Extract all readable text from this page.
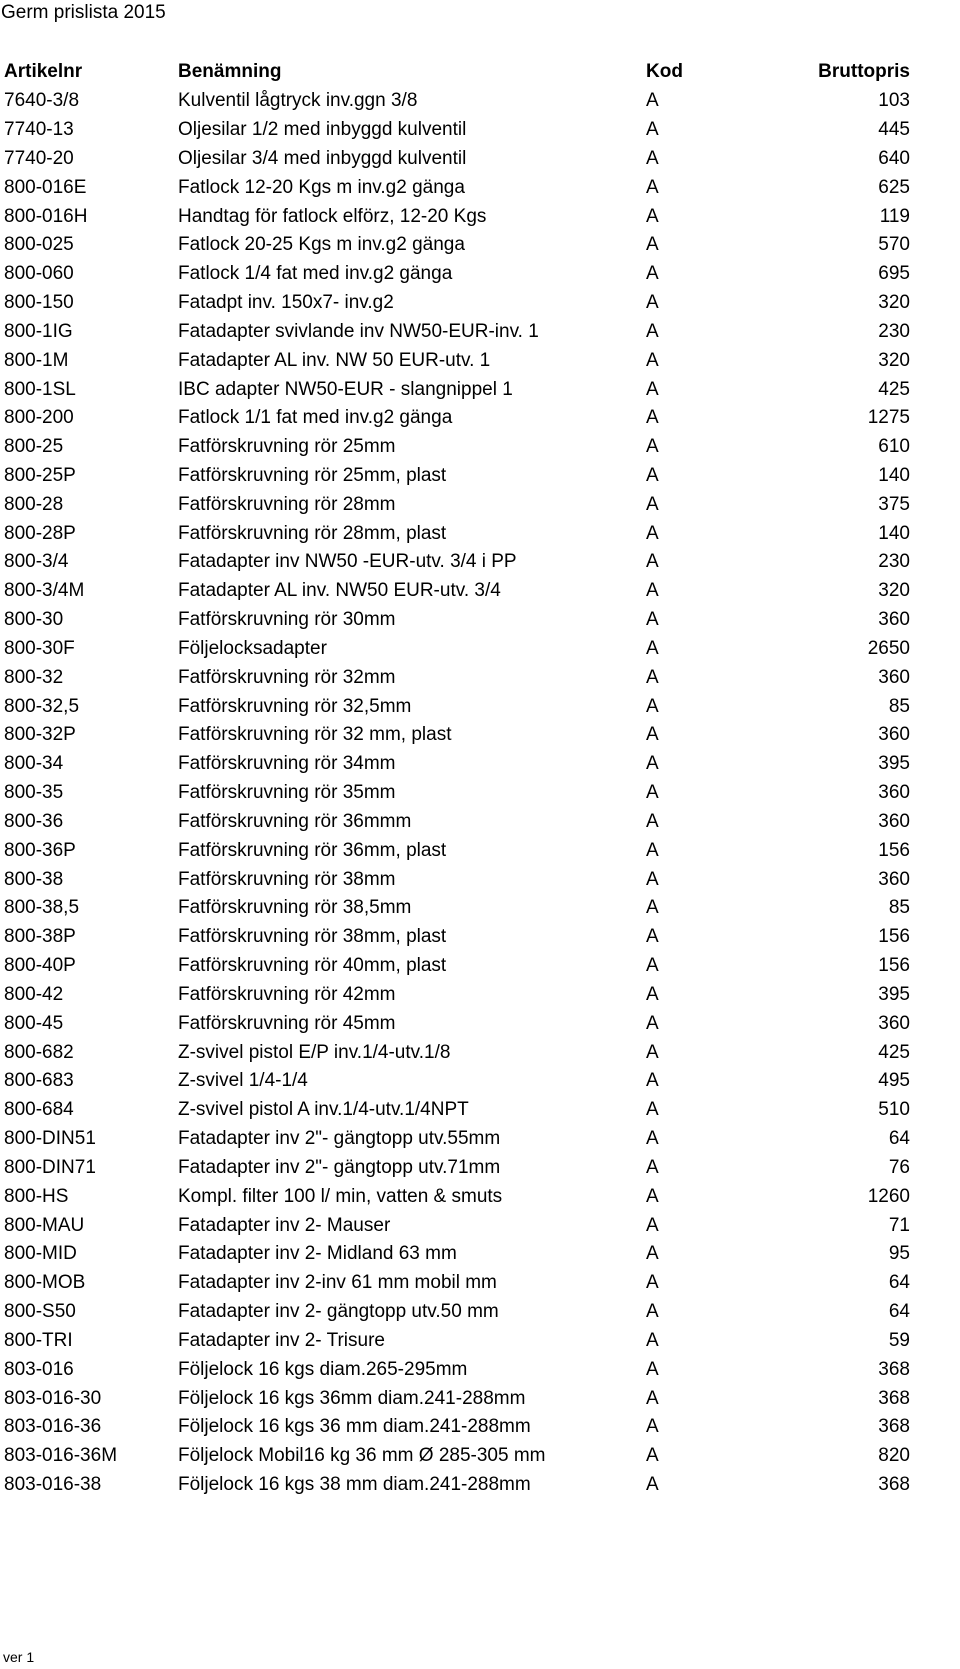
Germ prislista 2015
Artikelnr	Benämning	Kod	Bruttopris
7640-3/8	Kulventil lågtryck inv.ggn 3/8	A	103
7740-13	Oljesilar 1/2 med inbyggd kulventil	A	445
7740-20	Oljesilar 3/4 med inbyggd kulventil	A	640
800-016E	Fatlock 12-20 Kgs m inv.g2 gänga	A	625
800-016H	Handtag för fatlock elförz, 12-20 Kgs	A	119
800-025	Fatlock 20-25 Kgs m inv.g2 gänga	A	570
800-060	Fatlock 1/4 fat med inv.g2 gänga	A	695
800-150	Fatadpt inv. 150x7- inv.g2	A	320
800-1IG	Fatadapter svivlande inv NW50-EUR-inv. 1	A	230
800-1M	Fatadapter AL inv. NW 50 EUR-utv. 1	A	320
800-1SL	IBC adapter NW50-EUR - slangnippel 1	A	425
800-200	Fatlock 1/1 fat med inv.g2 gänga	A	1275
800-25	Fatförskruvning rör 25mm	A	610
800-25P	Fatförskruvning rör 25mm, plast	A	140
800-28	Fatförskruvning rör 28mm	A	375
800-28P	Fatförskruvning rör 28mm, plast	A	140
800-3/4	Fatadapter inv NW50 -EUR-utv. 3/4 i PP	A	230
800-3/4M	Fatadapter AL inv. NW50 EUR-utv. 3/4	A	320
800-30	Fatförskruvning rör 30mm	A	360
800-30F	Följelocksadapter	A	2650
800-32	Fatförskruvning rör 32mm	A	360
800-32,5	Fatförskruvning rör 32,5mm	A	85
800-32P	Fatförskruvning rör 32 mm, plast	A	360
800-34	Fatförskruvning rör 34mm	A	395
800-35	Fatförskruvning rör 35mm	A	360
800-36	Fatförskruvning rör 36mmm	A	360
800-36P	Fatförskruvning rör 36mm, plast	A	156
800-38	Fatförskruvning rör 38mm	A	360
800-38,5	Fatförskruvning rör 38,5mm	A	85
800-38P	Fatförskruvning rör 38mm, plast	A	156
800-40P	Fatförskruvning rör 40mm, plast	A	156
800-42	Fatförskruvning rör 42mm	A	395
800-45	Fatförskruvning rör 45mm	A	360
800-682	Z-svivel pistol E/P inv.1/4-utv.1/8	A	425
800-683	Z-svivel 1/4-1/4	A	495
800-684	Z-svivel pistol A inv.1/4-utv.1/4NPT	A	510
800-DIN51	Fatadapter inv 2"- gängtopp utv.55mm	A	64
800-DIN71	Fatadapter inv 2"- gängtopp utv.71mm	A	76
800-HS	Kompl. filter 100 l/ min, vatten & smuts	A	1260
800-MAU	Fatadapter inv 2- Mauser	A	71
800-MID	Fatadapter inv 2- Midland 63 mm	A	95
800-MOB	Fatadapter inv 2-inv 61 mm mobil mm	A	64
800-S50	Fatadapter inv 2- gängtopp utv.50 mm	A	64
800-TRI	Fatadapter inv 2- Trisure	A	59
803-016	Följelock 16 kgs diam.265-295mm	A	368
803-016-30	Följelock 16 kgs 36mm diam.241-288mm	A	368
803-016-36	Följelock 16 kgs 36 mm diam.241-288mm	A	368
803-016-36M	Följelock Mobil16 kg 36 mm Ø 285-305 mm	A	820
803-016-38	Följelock 16 kgs 38 mm diam.241-288mm	A	368
ver 1
